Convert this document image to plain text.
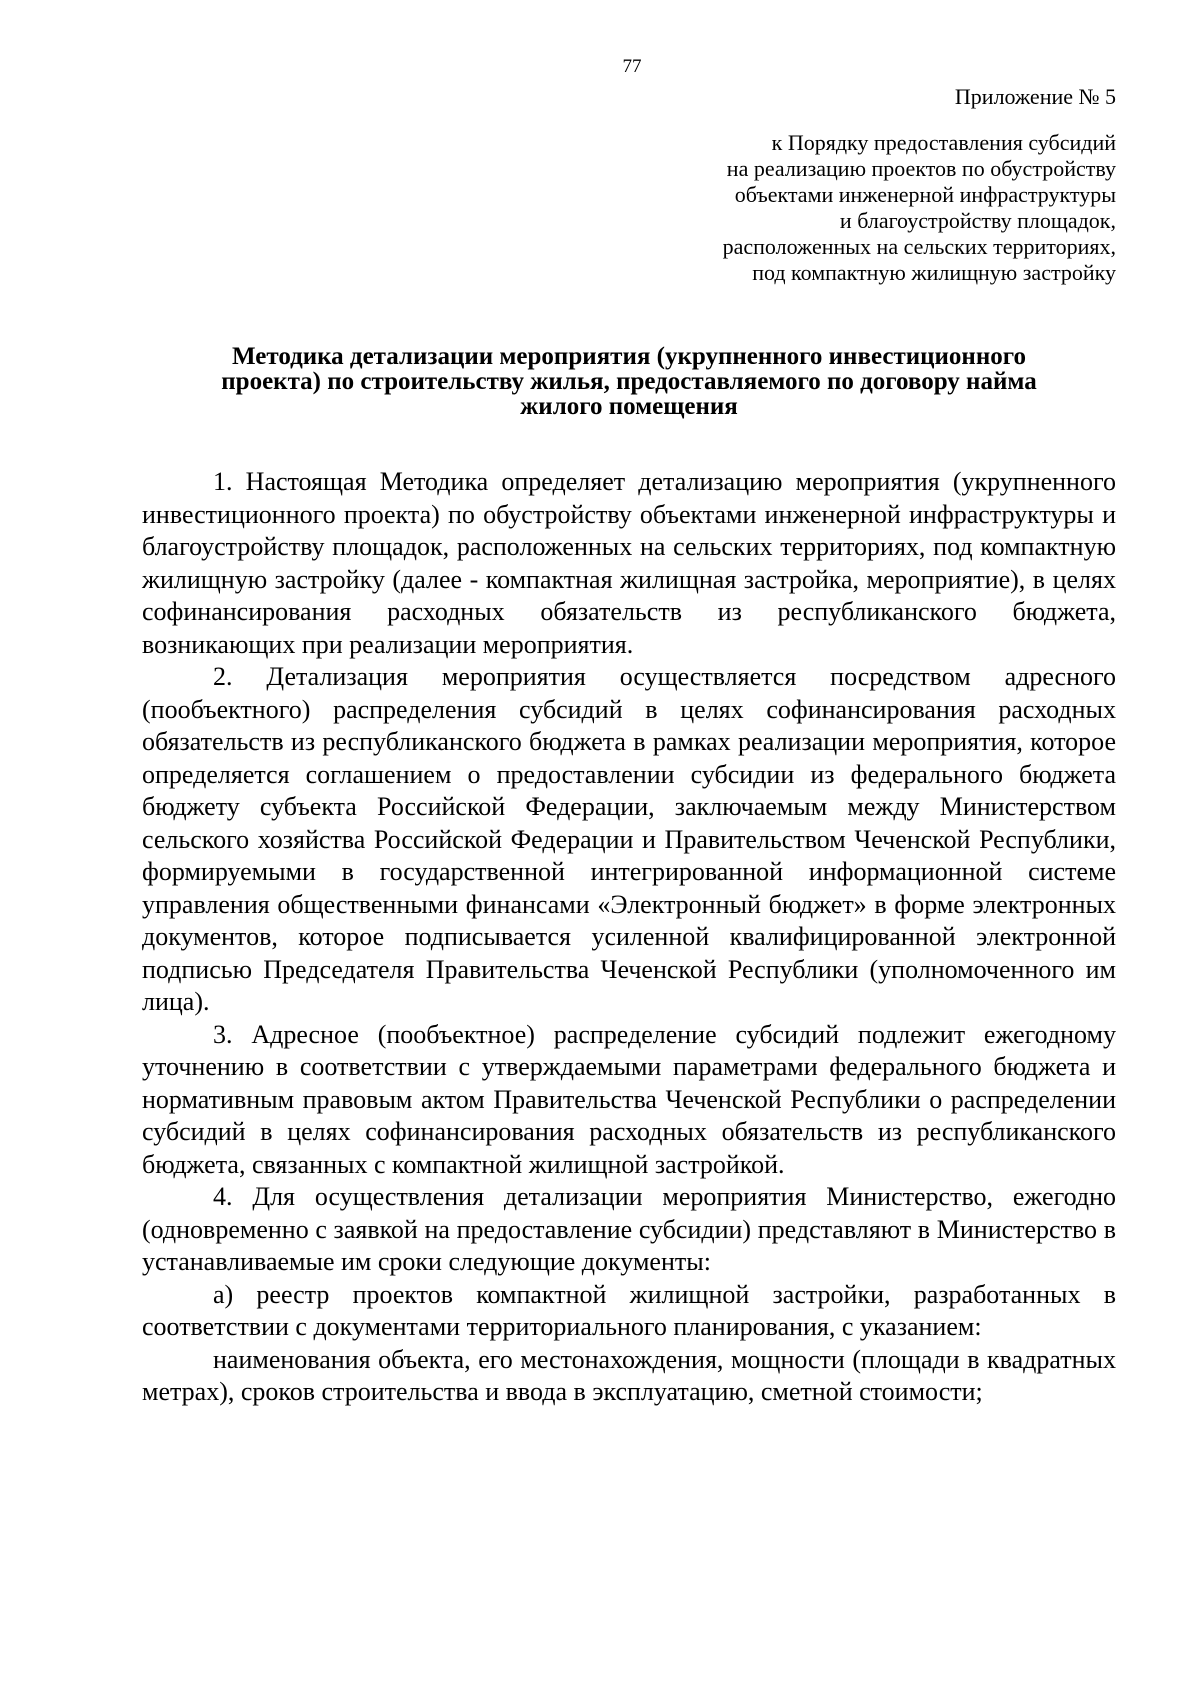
77
Приложение № 5
к Порядку предоставления субсидий
на реализацию проектов по обустройству
объектами инженерной инфраструктуры
и благоустройству площадок,
расположенных на сельских территориях,
под компактную жилищную застройку
Методика детализации мероприятия (укрупненного инвестиционного
проекта) по строительству жилья, предоставляемого по договору найма
жилого помещения

1. Настоящая Методика определяет детализацию мероприятия (укрупненного инвестиционного проекта) по обустройству объектами инженерной инфраструктуры и благоустройству площадок, расположенных на сельских территориях, под компактную жилищную застройку (далее - компактная жилищная застройка, мероприятие), в целях софинансирования расходных обязательств из республиканского бюджета, возникающих при реализации мероприятия.

2. Детализация мероприятия осуществляется посредством адресного (пообъектного) распределения субсидий в целях софинансирования расходных обязательств из республиканского бюджета в рамках реализации мероприятия, которое определяется соглашением о предоставлении субсидии из федерального бюджета бюджету субъекта Российской Федерации, заключаемым между Министерством сельского хозяйства Российской Федерации и Правительством Чеченской Республики, формируемыми в государственной интегрированной информационной системе управления общественными финансами «Электронный бюджет» в форме электронных документов, которое подписывается усиленной квалифицированной электронной подписью Председателя Правительства Чеченской Республики (уполномоченного им лица).

3. Адресное (пообъектное) распределение субсидий подлежит ежегодному уточнению в соответствии с утверждаемыми параметрами федерального бюджета и нормативным правовым актом Правительства Чеченской Республики о распределении субсидий в целях софинансирования расходных обязательств из республиканского бюджета, связанных с компактной жилищной застройкой.

4. Для осуществления детализации мероприятия Министерство, ежегодно (одновременно с заявкой на предоставление субсидии) представляют в Министерство в устанавливаемые им сроки следующие документы:

а) реестр проектов компактной жилищной застройки, разработанных в соответствии с документами территориального планирования, с указанием:

наименования объекта, его местонахождения, мощности (площади в квадратных метрах), сроков строительства и ввода в эксплуатацию, сметной стоимости;
